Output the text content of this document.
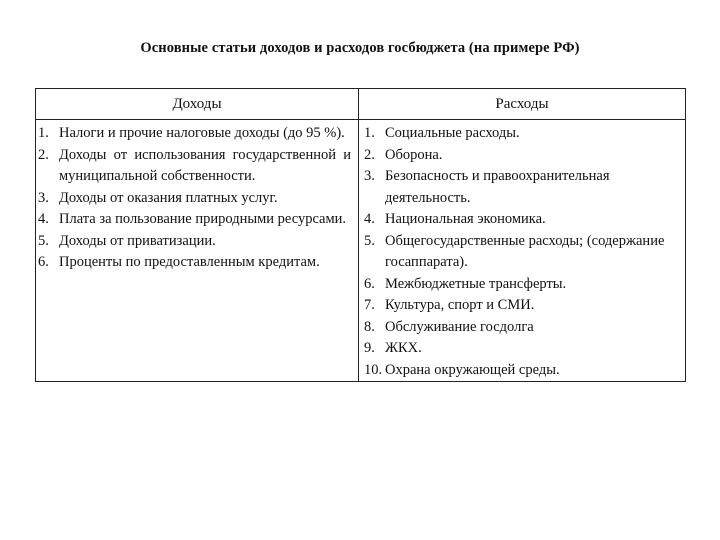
Основные статьи доходов и расходов госбюджета (на примере РФ)
Доходы	Расходы
1. Налоги и прочие налоговые доходы (до 95 %).
2. Доходы от использования государственной и муниципальной собственности.
3. Доходы от оказания платных услуг.
4. Плата за пользование природными ресурсами.
5. Доходы от приватизации.
6. Проценты по предоставленным кредитам.
1. Социальные расходы.
2. Оборона.
3. Безопасность и правоохранительная деятельность.
4. Национальная экономика.
5. Общегосударственные расходы; (содержание госаппарата).
6. Межбюджетные трансферты.
7. Культура, спорт и СМИ.
8. Обслуживание госдолга
9. ЖКХ.
10. Охрана окружающей среды.
